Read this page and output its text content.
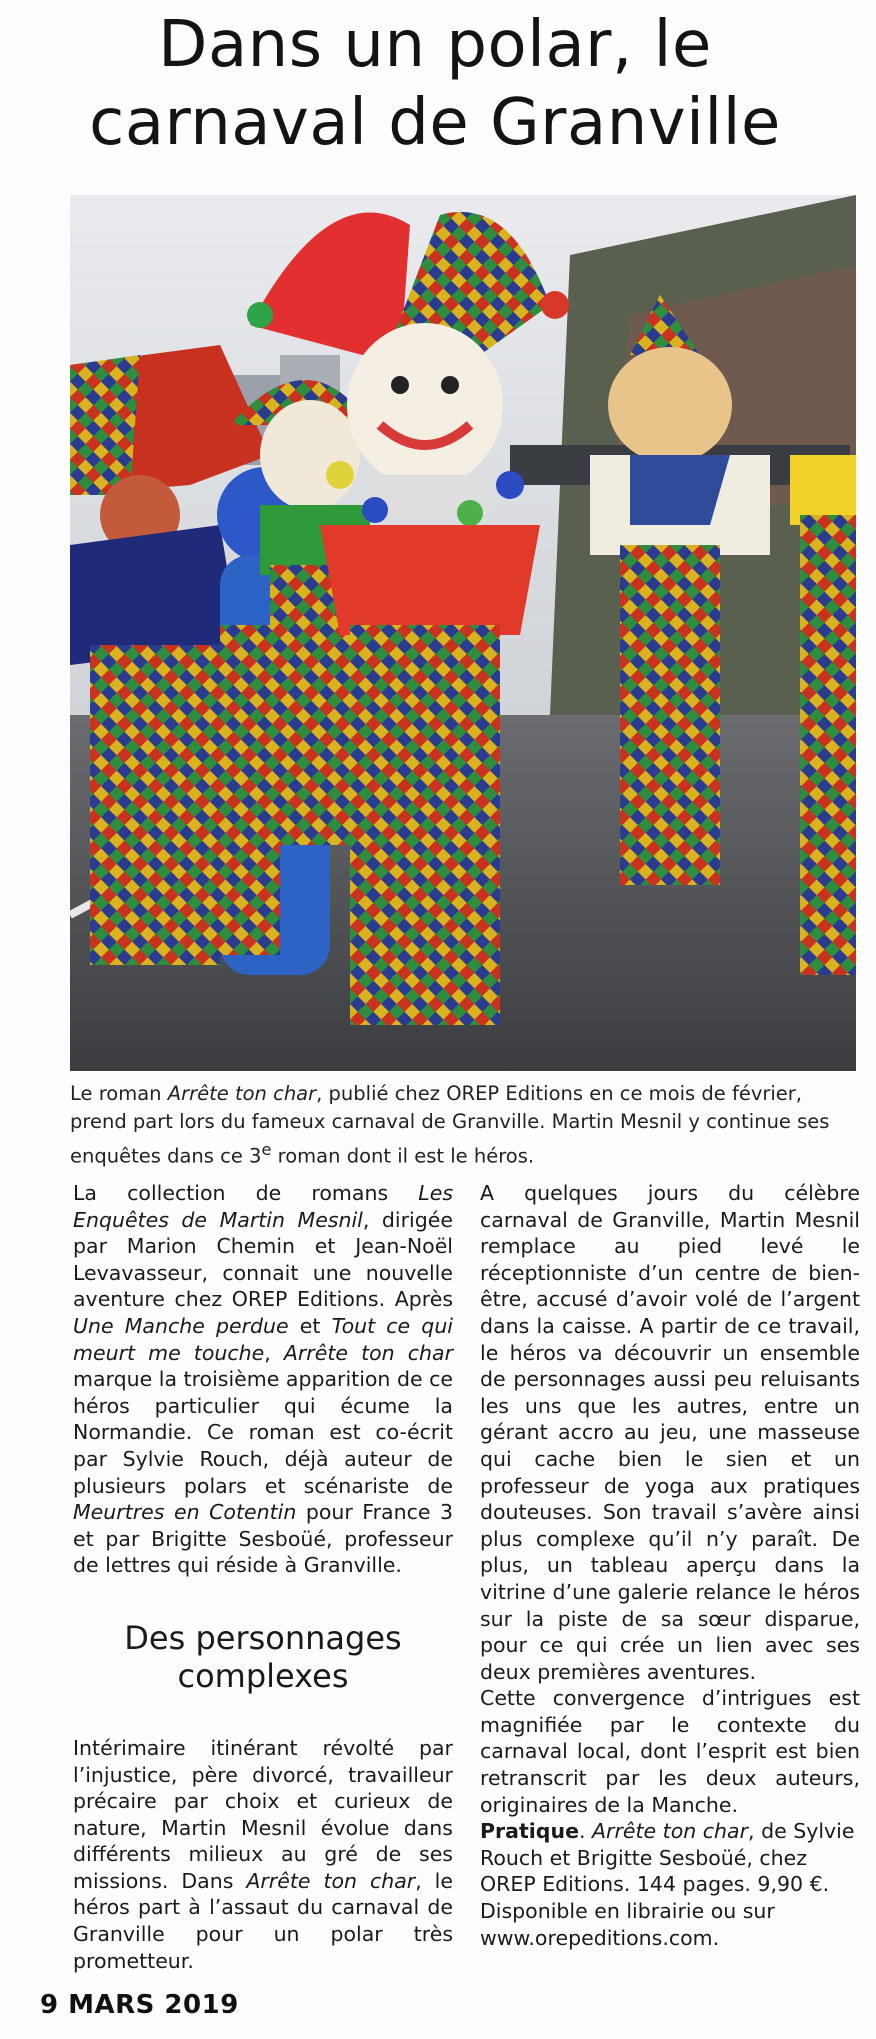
Dans un polar, le
carnaval de Granville

Le roman Arrête ton char, publié chez OREP Editions en ce mois de février, prend part lors du fameux carnaval de Granville. Martin Mesnil y continue ses enquêtes dans ce 3e roman dont il est le héros.

La collection de romans Les Enquêtes de Martin Mesnil, dirigée par Marion Chemin et Jean-Noël Levavasseur, connait une nouvelle aventure chez OREP Editions. Après Une Manche perdue et Tout ce qui meurt me touche, Arrête ton char marque la troisième apparition de ce héros particulier qui écume la Normandie. Ce roman est co-écrit par Sylvie Rouch, déjà auteur de plusieurs polars et scénariste de Meurtres en Cotentin pour France 3 et par Brigitte Sesboüé, professeur de lettres qui réside à Granville.

Des personnages
complexes

Intérimaire itinérant révolté par l’injustice, père divorcé, travailleur précaire par choix et curieux de nature, Martin Mesnil évolue dans différents milieux au gré de ses missions. Dans Arrête ton char, le héros part à l’assaut du carnaval de Granville pour un polar très prometteur.

A quelques jours du célèbre carnaval de Granville, Martin Mesnil remplace au pied levé le réceptionniste d’un centre de bien-être, accusé d’avoir volé de l’argent dans la caisse. A partir de ce travail, le héros va découvrir un ensemble de personnages aussi peu reluisants les uns que les autres, entre un gérant accro au jeu, une masseuse qui cache bien le sien et un professeur de yoga aux pratiques douteuses. Son travail s’avère ainsi plus complexe qu’il n’y paraît. De plus, un tableau aperçu dans la vitrine d’une galerie relance le héros sur la piste de sa sœur disparue, pour ce qui crée un lien avec ses deux premières aventures.

Cette convergence d’intrigues est magnifiée par le contexte du carnaval local, dont l’esprit est bien retranscrit par les deux auteurs, originaires de la Manche.

Pratique. Arrête ton char, de Sylvie Rouch et Brigitte Sesboüé, chez OREP Editions. 144 pages. 9,90 €. Disponible en librairie ou sur www.orepeditions.com.

9 MARS 2019
